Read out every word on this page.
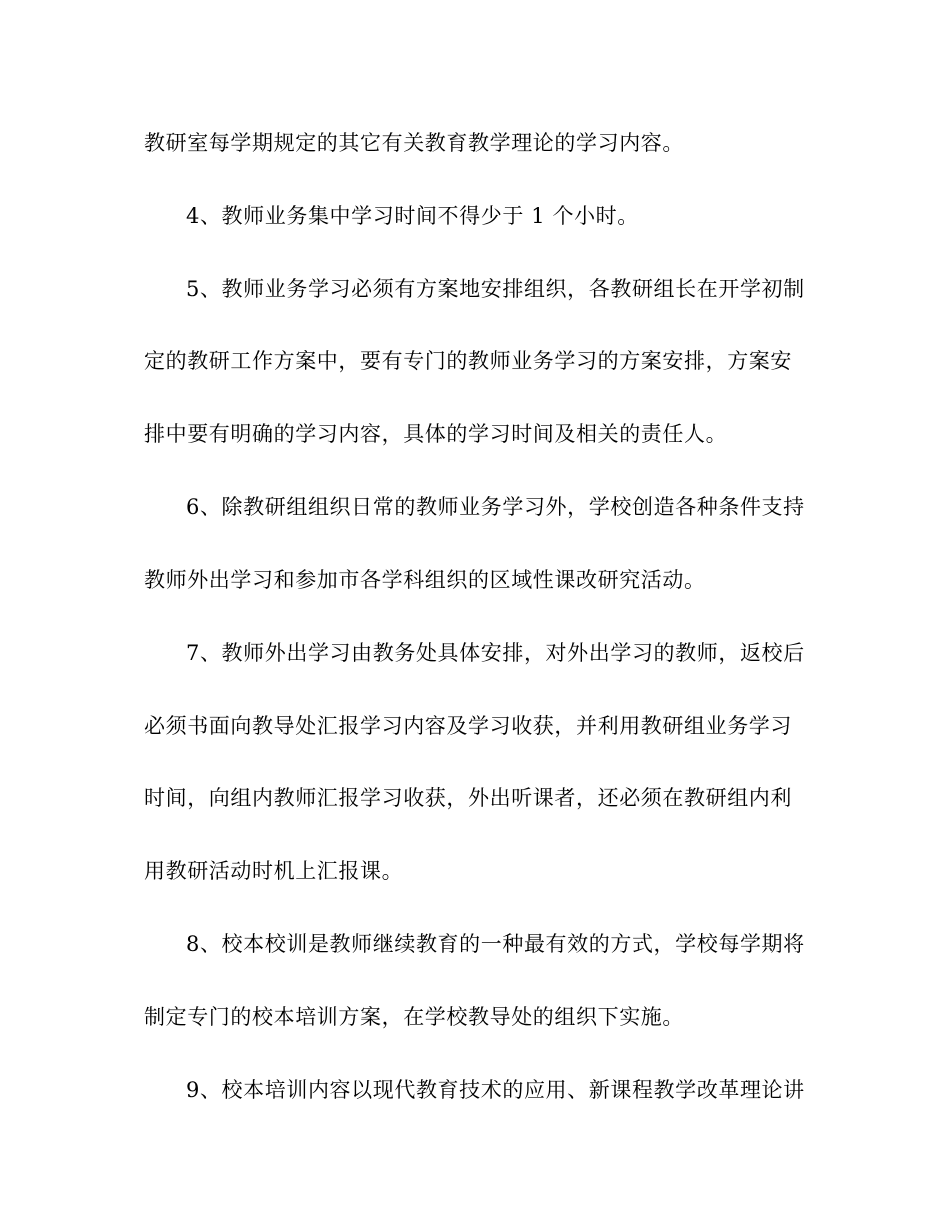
教研室每学期规定的其它有关教育教学理论的学习内容。
4、教师业务集中学习时间不得少于 1 个小时。
5、教师业务学习必须有方案地安排组织，各教研组长在开学初制
定的教研工作方案中，要有专门的教师业务学习的方案安排，方案安
排中要有明确的学习内容，具体的学习时间及相关的责任人。
6、除教研组组织日常的教师业务学习外，学校创造各种条件支持
教师外出学习和参加市各学科组织的区域性课改研究活动。
7、教师外出学习由教务处具体安排，对外出学习的教师，返校后
必须书面向教导处汇报学习内容及学习收获，并利用教研组业务学习
时间，向组内教师汇报学习收获，外出听课者，还必须在教研组内利
用教研活动时机上汇报课。
8、校本校训是教师继续教育的一种最有效的方式，学校每学期将
制定专门的校本培训方案，在学校教导处的组织下实施。
9、校本培训内容以现代教育技术的应用、新课程教学改革理论讲
